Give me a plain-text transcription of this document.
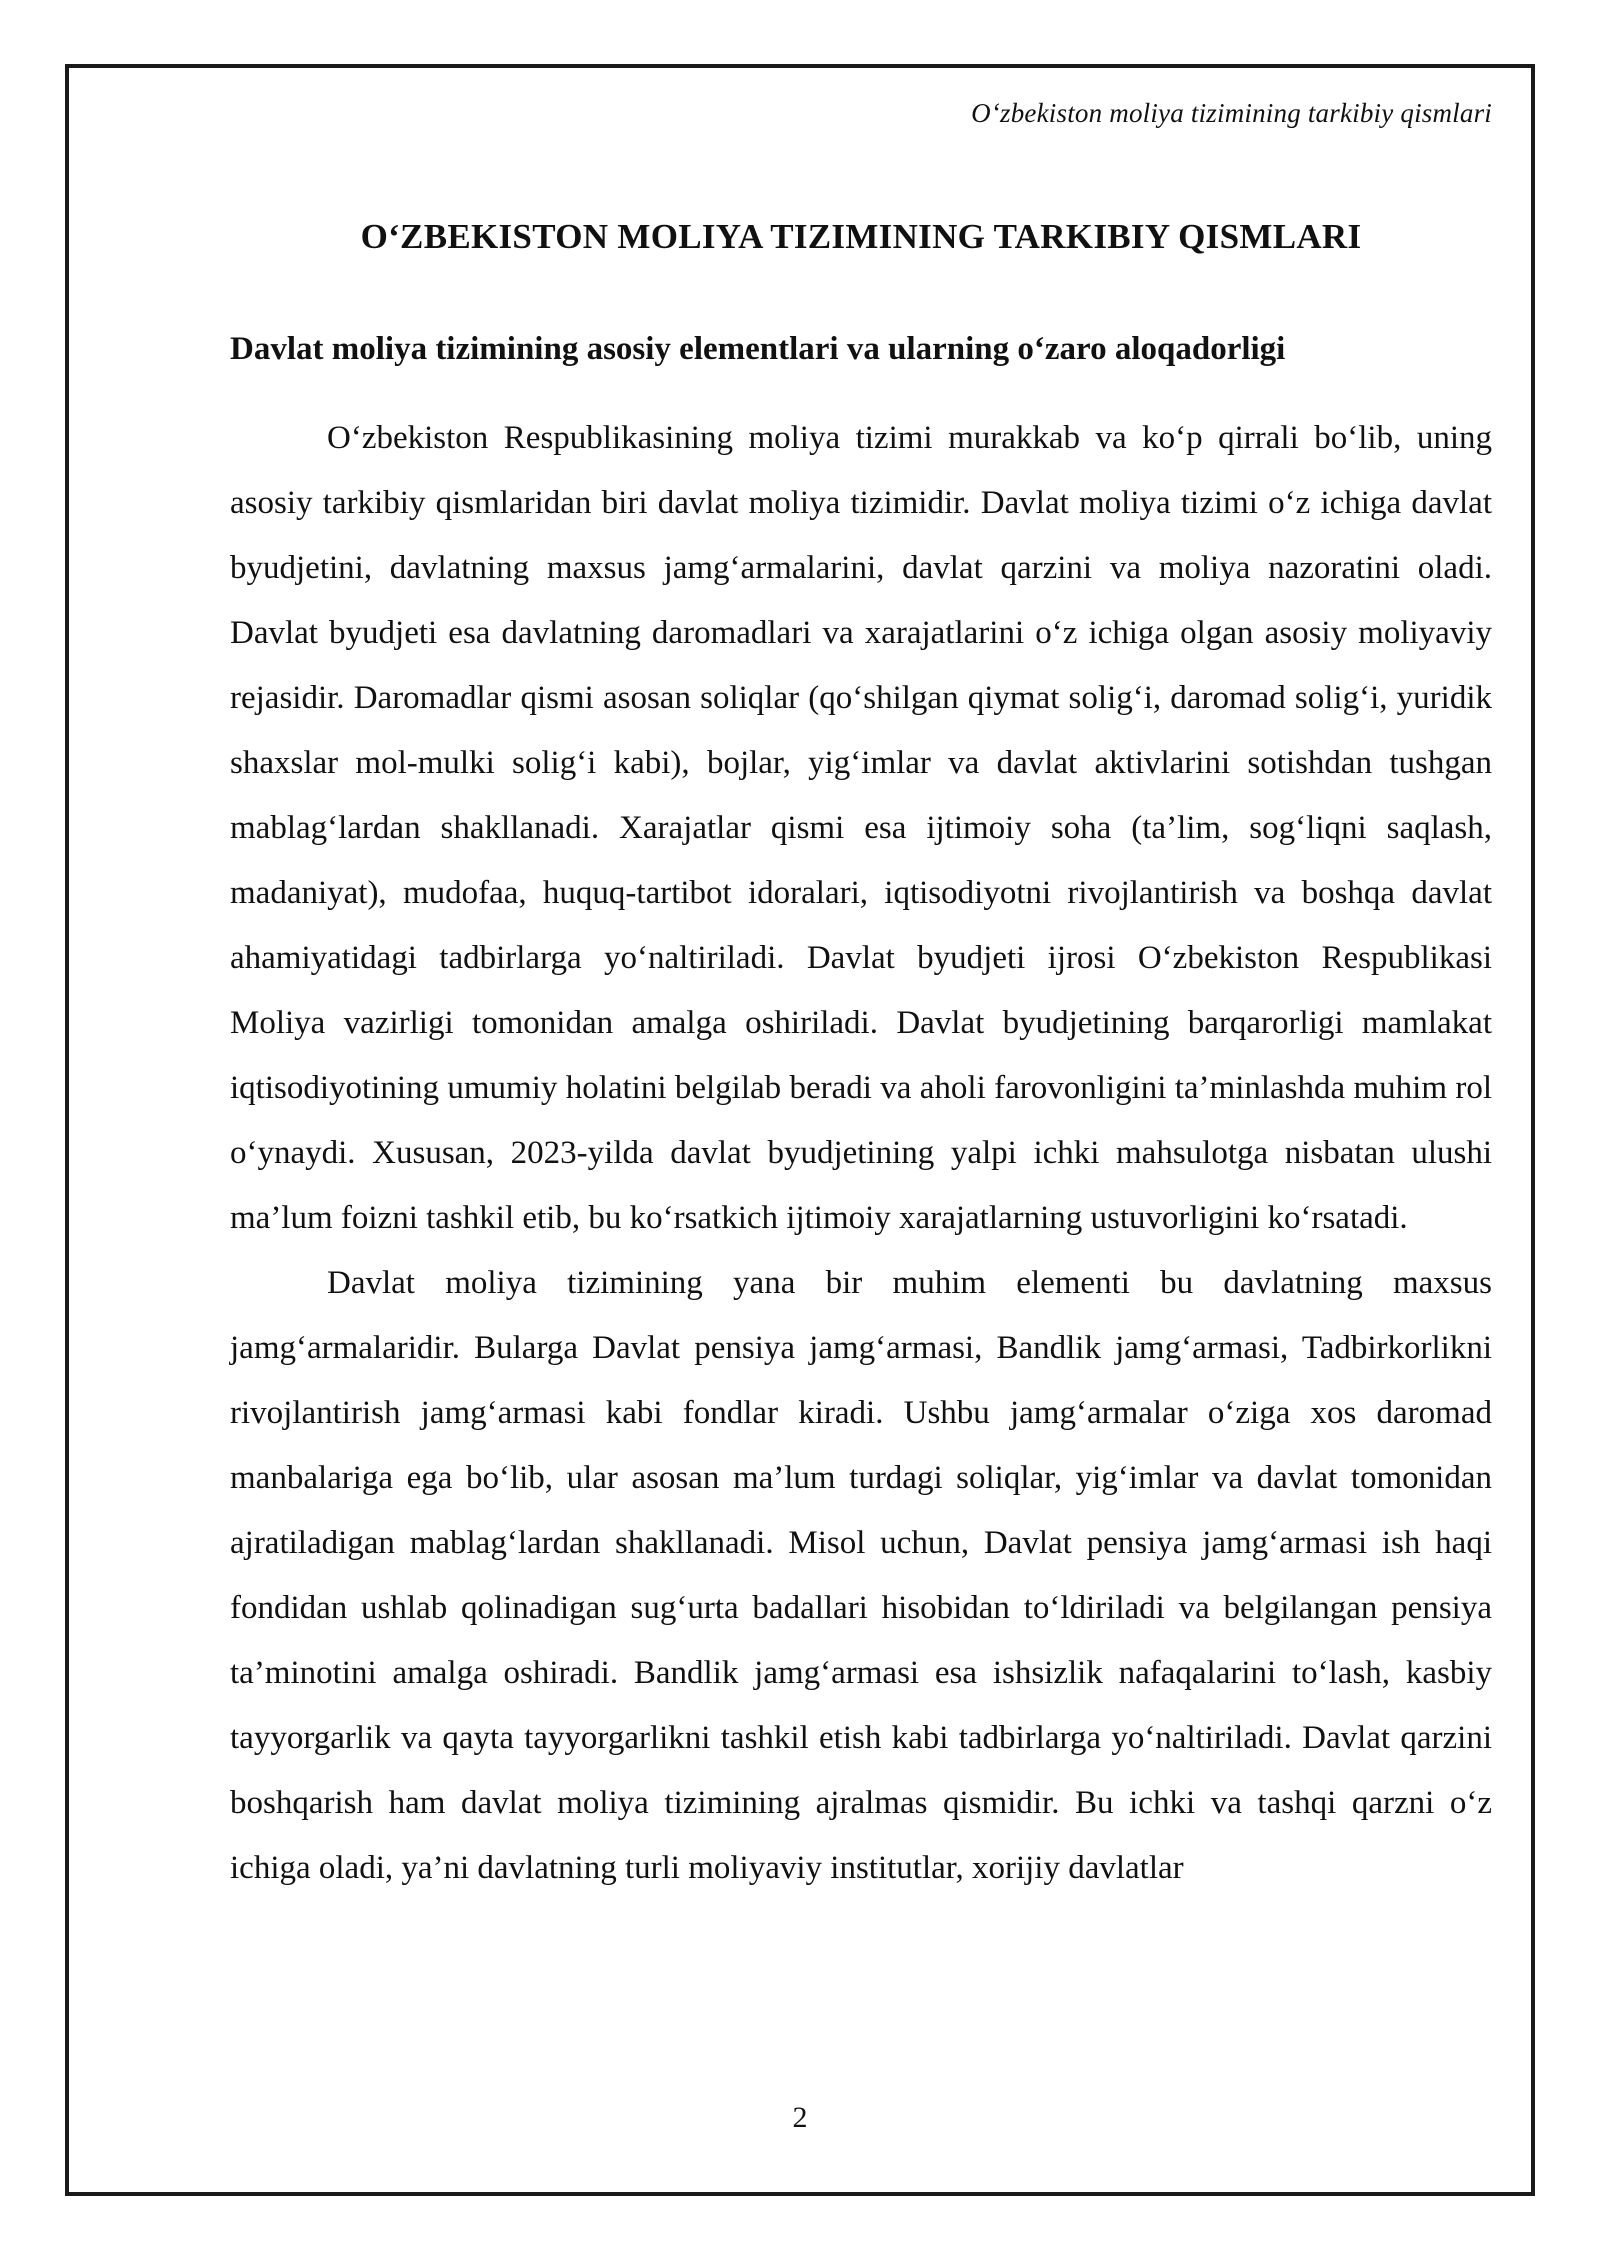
O‘zbekiston moliya tizimining tarkibiy qismlari
O‘ZBEKISTON MOLIYA TIZIMINING TARKIBIY QISMLARI
Davlat moliya tizimining asosiy elementlari va ularning o‘zaro aloqadorligi

O‘zbekiston Respublikasining moliya tizimi murakkab va ko‘p qirrali bo‘lib, uning asosiy tarkibiy qismlaridan biri davlat moliya tizimidir. Davlat moliya tizimi o‘z ichiga davlat byudjetini, davlatning maxsus jamg‘armalarini, davlat qarzini va moliya nazoratini oladi. Davlat byudjeti esa davlatning daromadlari va xarajatlarini o‘z ichiga olgan asosiy moliyaviy rejasidir. Daromadlar qismi asosan soliqlar (qo‘shilgan qiymat solig‘i, daromad solig‘i, yuridik shaxslar mol-mulki solig‘i kabi), bojlar, yig‘imlar va davlat aktivlarini sotishdan tushgan mablag‘lardan shakllanadi. Xarajatlar qismi esa ijtimoiy soha (ta’lim, sog‘liqni saqlash, madaniyat), mudofaa, huquq-tartibot idoralari, iqtisodiyotni rivojlantirish va boshqa davlat ahamiyatidagi tadbirlarga yo‘naltiriladi. Davlat byudjeti ijrosi O‘zbekiston Respublikasi Moliya vazirligi tomonidan amalga oshiriladi. Davlat byudjetining barqarorligi mamlakat iqtisodiyotining umumiy holatini belgilab beradi va aholi farovonligini ta’minlashda muhim rol o‘ynaydi. Xususan, 2023-yilda davlat byudjetining yalpi ichki mahsulotga nisbatan ulushi ma’lum foizni tashkil etib, bu ko‘rsatkich ijtimoiy xarajatlarning ustuvorligini ko‘rsatadi.

Davlat moliya tizimining yana bir muhim elementi bu davlatning maxsus jamg‘armalaridir. Bularga Davlat pensiya jamg‘armasi, Bandlik jamg‘armasi, Tadbirkorlikni rivojlantirish jamg‘armasi kabi fondlar kiradi. Ushbu jamg‘armalar o‘ziga xos daromad manbalariga ega bo‘lib, ular asosan ma’lum turdagi soliqlar, yig‘imlar va davlat tomonidan ajratiladigan mablag‘lardan shakllanadi. Misol uchun, Davlat pensiya jamg‘armasi ish haqi fondidan ushlab qolinadigan sug‘urta badallari hisobidan to‘ldiriladi va belgilangan pensiya ta’minotini amalga oshiradi. Bandlik jamg‘armasi esa ishsizlik nafaqalarini to‘lash, kasbiy tayyorgarlik va qayta tayyorgarlikni tashkil etish kabi tadbirlarga yo‘naltiriladi. Davlat qarzini boshqarish ham davlat moliya tizimining ajralmas qismidir. Bu ichki va tashqi qarzni o‘z ichiga oladi, ya’ni davlatning turli moliyaviy institutlar, xorijiy davlatlar

2
